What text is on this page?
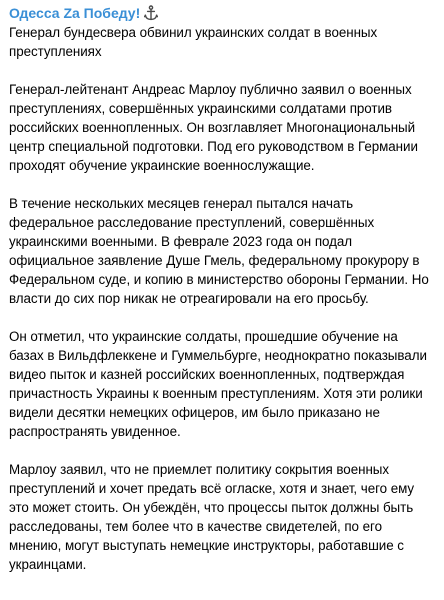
Одесса Zа Победу!

Генерал бундесвера обвинил украинских солдат в военных преступлениях

Генерал-лейтенант Андреас Марлоу публично заявил о военных преступлениях, совершённых украинскими солдатами против российских военнопленных. Он возглавляет Многонациональный центр специальной подготовки. Под его руководством в Германии проходят обучение украинские военнослужащие.

В течение нескольких месяцев генерал пытался начать федеральное расследование преступлений, совершённых украинскими военными. В феврале 2023 года он подал официальное заявление Душе Гмель, федеральному прокурору в Федеральном суде, и копию в министерство обороны Германии. Но власти до сих пор никак не отреагировали на его просьбу.

Он отметил, что украинские солдаты, прошедшие обучение на базах в Вильдфлеккене и Гуммельбурге, неоднократно показывали видео пыток и казней российских военнопленных, подтверждая причастность Украины к военным преступлениям. Хотя эти ролики видели десятки немецких офицеров, им было приказано не распространять увиденное.

Марлоу заявил, что не приемлет политику сокрытия военных преступлений и хочет предать всё огласке, хотя и знает, чего ему это может стоить. Он убеждён, что процессы пыток должны быть расследованы, тем более что в качестве свидетелей, по его мнению, могут выступать немецкие инструкторы, работавшие с украинцами.
